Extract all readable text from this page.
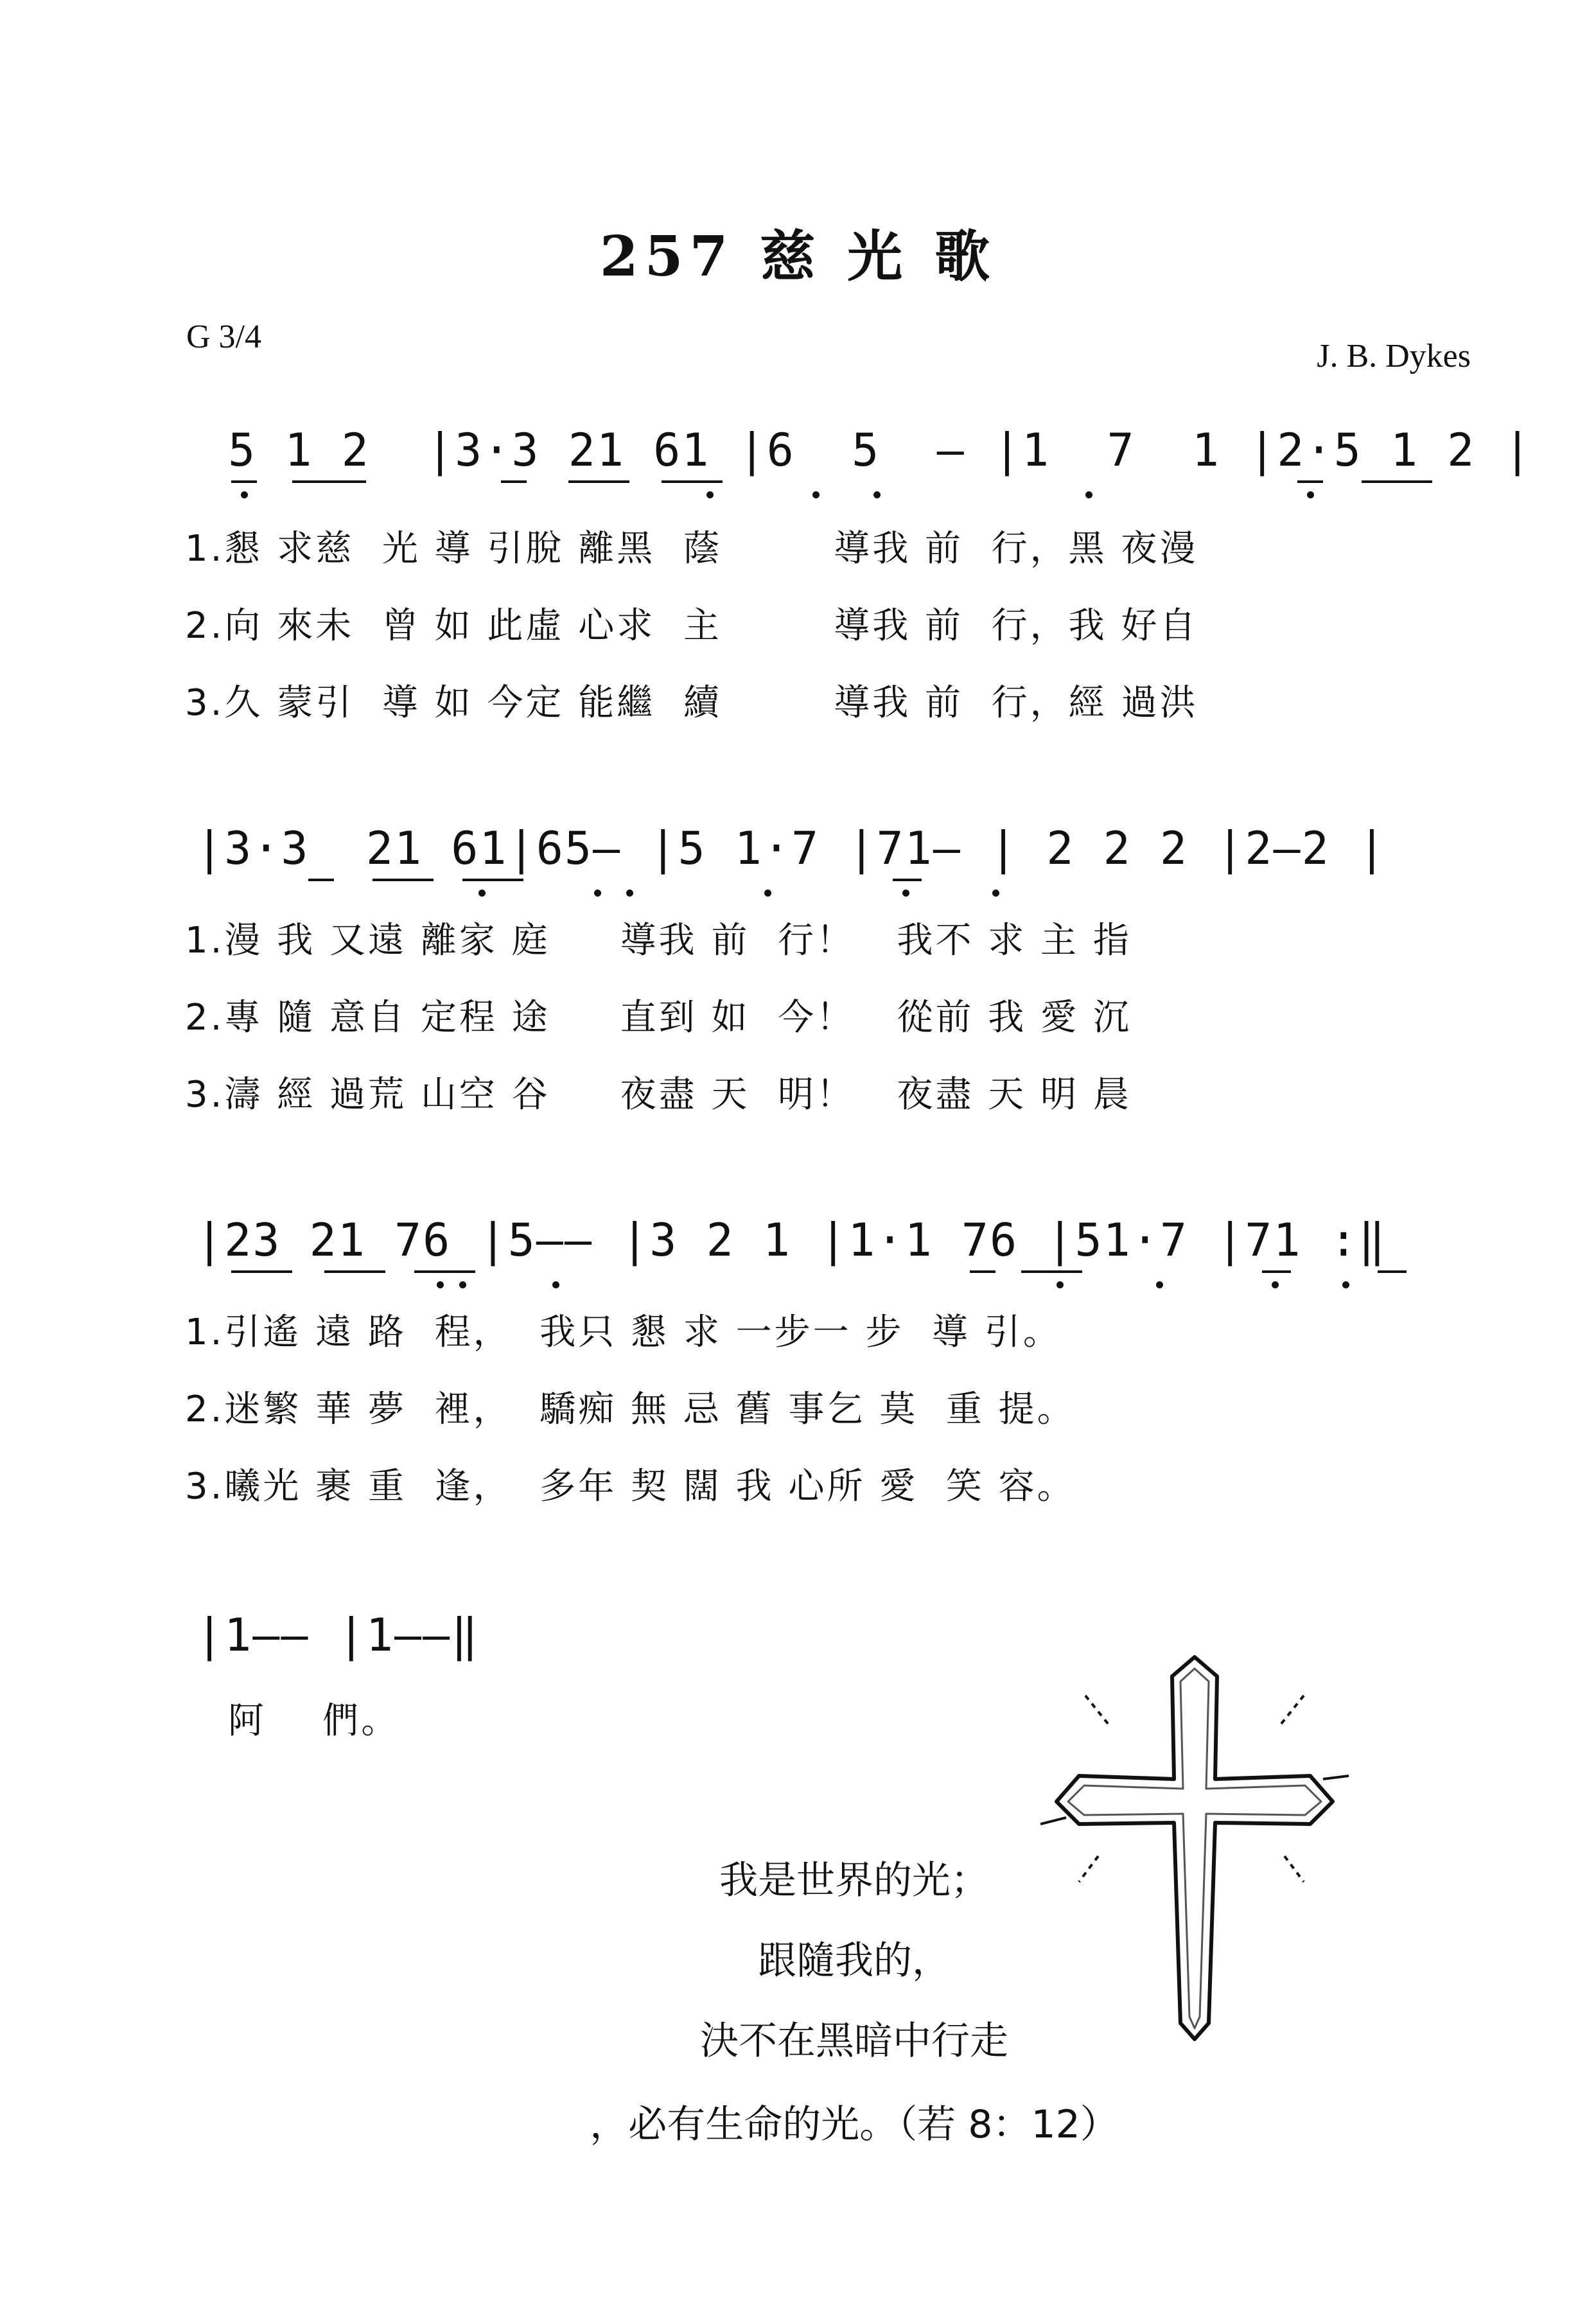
257 慈 光 歌
G 3/4
J. B. Dykes
5 1 2  |3·3 21 61 |6  5  – |1  7  1 |2·5 1 2 |
1.懇 求慈  光 導 引脫 離黑  蔭        導我 前  行，黑 夜漫
2.向 來未  曾 如 此虛 心求  主        導我 前  行，我 好自
3.久 蒙引  導 如 今定 能繼  續        導我 前  行，經 過洪
|3·3  21 61|65– |5 1·7 |71– | 2 2 2 |2–2 |
1.漫 我 又遠 離家 庭     導我 前  行！   我不 求 主 指
2.專 隨 意自 定程 途     直到 如  今！   從前 我 愛 沉
3.濤 經 過荒 山空 谷     夜盡 天  明！   夜盡 天 明 晨
|23 21 76 |5–– |3 2 1 |1·1 76 |51·7 |71 :‖
1.引遙 遠 路  程，  我只 懇 求 一步一 步  導 引。
2.迷繁 華 夢  裡，  驕痴 無 忌 舊 事乞 莫  重 提。
3.曦光 裹 重  逢，  多年 契 闊 我 心所 愛  笑 容。
|1–– |1––‖
阿    們。
我是世界的光；
跟隨我的，
決不在黑暗中行走
，必有生命的光。（若 8：12）
